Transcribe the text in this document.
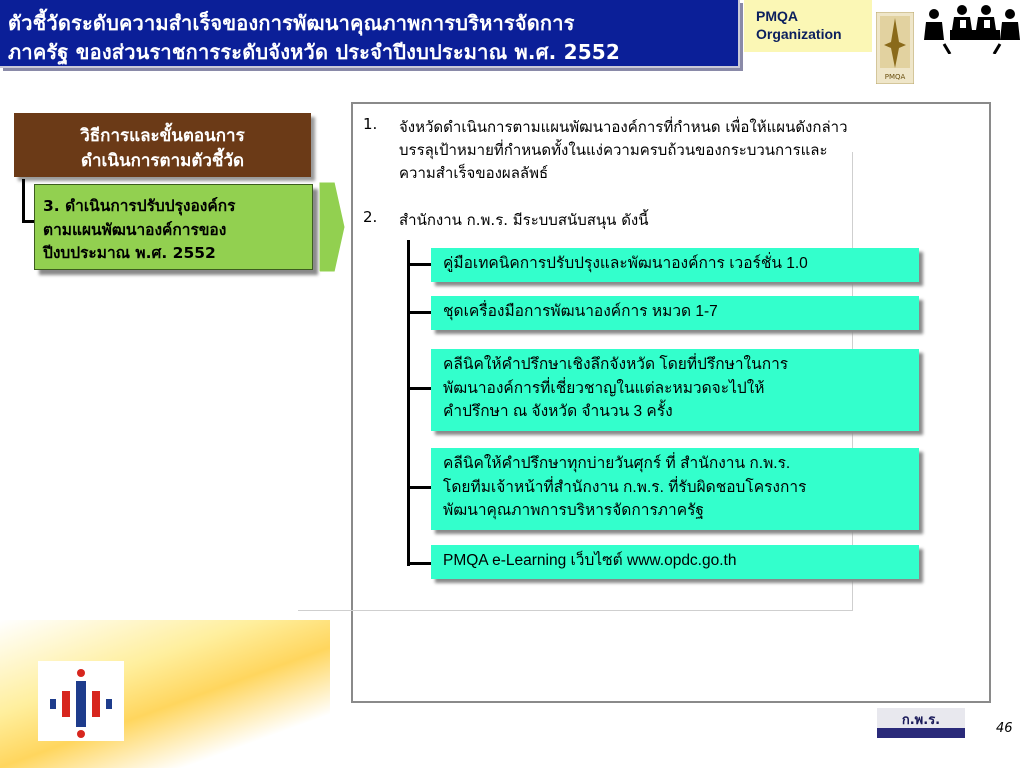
ตัวชี้วัดระดับความสำเร็จของการพัฒนาคุณภาพการบริหารจัดการ
ภาครัฐ ของส่วนราชการระดับจังหวัด ประจำปีงบประมาณ พ.ศ. 2552
PMQA
Organization
PMQA
วิธีการและขั้นตอนการ
ดำเนินการตามตัวชี้วัด
3. ดำเนินการปรับปรุงองค์กร
ตามแผนพัฒนาองค์การของ
ปีงบประมาณ พ.ศ. 2552
1. จังหวัดดำเนินการตามแผนพัฒนาองค์การที่กำหนด เพื่อให้แผนดังกล่าว
บรรลุเป้าหมายที่กำหนดทั้งในแง่ความครบถ้วนของกระบวนการและ
ความสำเร็จของผลลัพธ์
2. สำนักงาน ก.พ.ร. มีระบบสนับสนุน ดังนี้
คู่มือเทคนิคการปรับปรุงและพัฒนาองค์การ เวอร์ชั่น 1.0
ชุดเครื่องมือการพัฒนาองค์การ หมวด 1-7
คลีนิคให้คำปรึกษาเชิงลึกจังหวัด โดยที่ปรึกษาในการ
พัฒนาองค์การที่เชี่ยวชาญในแต่ละหมวดจะไปให้
คำปรึกษา ณ จังหวัด จำนวน 3 ครั้ง
คลีนิคให้คำปรึกษาทุกบ่ายวันศุกร์ ที่ สำนักงาน ก.พ.ร.
โดยทีมเจ้าหน้าที่สำนักงาน ก.พ.ร. ที่รับผิดชอบโครงการ
พัฒนาคุณภาพการบริหารจัดการภาครัฐ
PMQA e-Learning เว็บไซต์ www.opdc.go.th
ก.พ.ร.
46
